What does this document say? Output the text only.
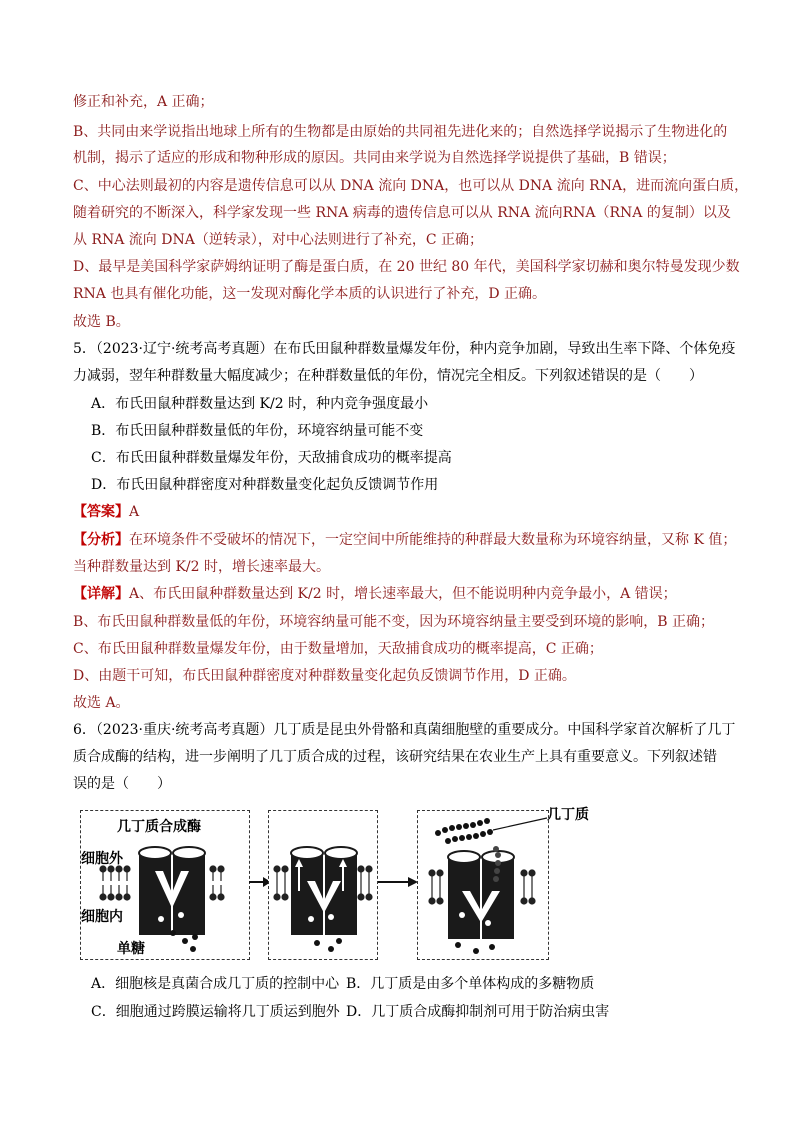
修正和补充，A 正确；
B、共同由来学说指出地球上所有的生物都是由原始的共同祖先进化来的；自然选择学说揭示了生物进化的
机制，揭示了适应的形成和物种形成的原因。共同由来学说为自然选择学说提供了基础，B 错误；
C、中心法则最初的内容是遗传信息可以从 DNA 流向 DNA，也可以从 DNA 流向 RNA，进而流向蛋白质，
随着研究的不断深入，科学家发现一些 RNA 病毒的遗传信息可以从 RNA 流向RNA（RNA 的复制）以及
从 RNA 流向 DNA（逆转录），对中心法则进行了补充，C 正确；
D、最早是美国科学家萨姆纳证明了酶是蛋白质，在 20 世纪 80 年代，美国科学家切赫和奥尔特曼发现少数
RNA 也具有催化功能，这一发现对酶化学本质的认识进行了补充，D 正确。
故选 B。
5．（2023·辽宁·统考高考真题）在布氏田鼠种群数量爆发年份，种内竞争加剧，导致出生率下降、个体免疫
力减弱，翌年种群数量大幅度减少；在种群数量低的年份，情况完全相反。下列叙述错误的是（　　）
A．布氏田鼠种群数量达到 K/2 时，种内竞争强度最小
B．布氏田鼠种群数量低的年份，环境容纳量可能不变
C．布氏田鼠种群数量爆发年份，天敌捕食成功的概率提高
D．布氏田鼠种群密度对种群数量变化起负反馈调节作用
【答案】A
【分析】在环境条件不受破坏的情况下，一定空间中所能维持的种群最大数量称为环境容纳量，又称 K 值；
当种群数量达到 K/2 时，增长速率最大。
【详解】A、布氏田鼠种群数量达到 K/2 时，增长速率最大，但不能说明种内竞争最小，A 错误；
B、布氏田鼠种群数量低的年份，环境容纳量可能不变，因为环境容纳量主要受到环境的影响，B 正确；
C、布氏田鼠种群数量爆发年份，由于数量增加，天敌捕食成功的概率提高，C 正确；
D、由题干可知，布氏田鼠种群密度对种群数量变化起负反馈调节作用，D 正确。
故选 A。
6．（2023·重庆·统考高考真题）几丁质是昆虫外骨骼和真菌细胞壁的重要成分。中国科学家首次解析了几丁
质合成酶的结构，进一步阐明了几丁质合成的过程，该研究结果在农业生产上具有重要意义。下列叙述错
误的是（　　）
几丁质合成酶
细胞外
细胞内
单糖
几丁质
A．细胞核是真菌合成几丁质的控制中心 B．几丁质是由多个单体构成的多糖物质
C．细胞通过跨膜运输将几丁质运到胞外 D．几丁质合成酶抑制剂可用于防治病虫害
